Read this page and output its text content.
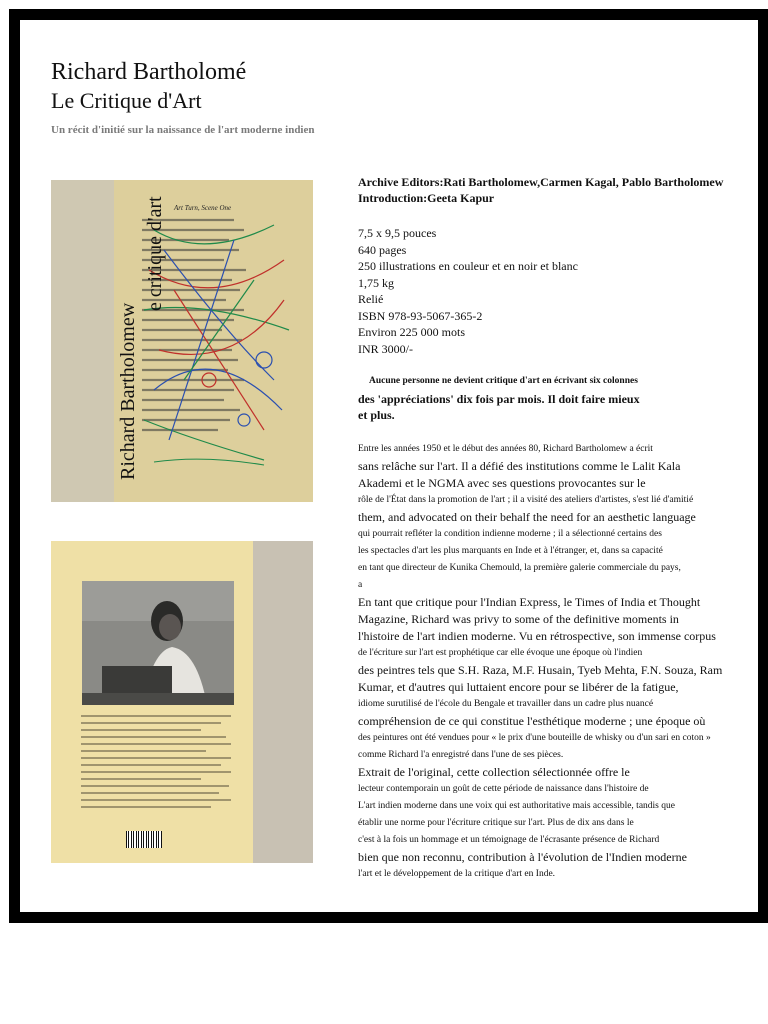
Richard Bartholomé
Le Critique d'Art
Un récit d'initié sur la naissance de l'art moderne indien
Art Turn, Scene One
Richard Bartholomew
e critique d'art
Archive Editors:Rati Bartholomew,Carmen Kagal, Pablo Bartholomew
Introduction:Geeta Kapur
7,5 x 9,5 pouces
640 pages
250 illustrations en couleur et en noir et blanc
1,75 kg
Relié
ISBN 978-93-5067-365-2
Environ 225 000 mots
INR 3000/-
Aucune personne ne devient critique d'art en écrivant six colonnes
des 'appréciations' dix fois par mois. Il doit faire mieux
et plus.
Entre les années 1950 et le début des années 80, Richard Bartholomew a écrit
sans relâche sur l'art. Il a défié des institutions comme le Lalit Kala
Akademi et le NGMA avec ses questions provocantes sur le
rôle de l'État dans la promotion de l'art ; il a visité des ateliers d'artistes, s'est lié d'amitié
them, and advocated on their behalf the need for an aesthetic language
qui pourrait refléter la condition indienne moderne ; il a sélectionné certains des
les spectacles d'art les plus marquants en Inde et à l'étranger, et, dans sa capacité
en tant que directeur de Kunika Chemould, la première galerie commerciale du pays,
a
En tant que critique pour l'Indian Express, le Times of India et Thought
Magazine, Richard was privy to some of the definitive moments in
l'histoire de l'art indien moderne. Vu en rétrospective, son immense corpus
de l'écriture sur l'art est prophétique car elle évoque une époque où l'indien
des peintres tels que S.H. Raza, M.F. Husain, Tyeb Mehta, F.N. Souza, Ram
Kumar, et d'autres qui luttaient encore pour se libérer de la fatigue,
idiome surutilisé de l'école du Bengale et travailler dans un cadre plus nuancé
compréhension de ce qui constitue l'esthétique moderne ; une époque où
des peintures ont été vendues pour « le prix d'une bouteille de whisky ou d'un sari en coton »
comme Richard l'a enregistré dans l'une de ses pièces.
Extrait de l'original, cette collection sélectionnée offre le
lecteur contemporain un goût de cette période de naissance dans l'histoire de
L'art indien moderne dans une voix qui est authoritative mais accessible, tandis que
établir une norme pour l'écriture critique sur l'art. Plus de dix ans dans le
c'est à la fois un hommage et un témoignage de l'écrasante présence de Richard
bien que non reconnu, contribution à l'évolution de l'Indien moderne
l'art et le développement de la critique d'art en Inde.
